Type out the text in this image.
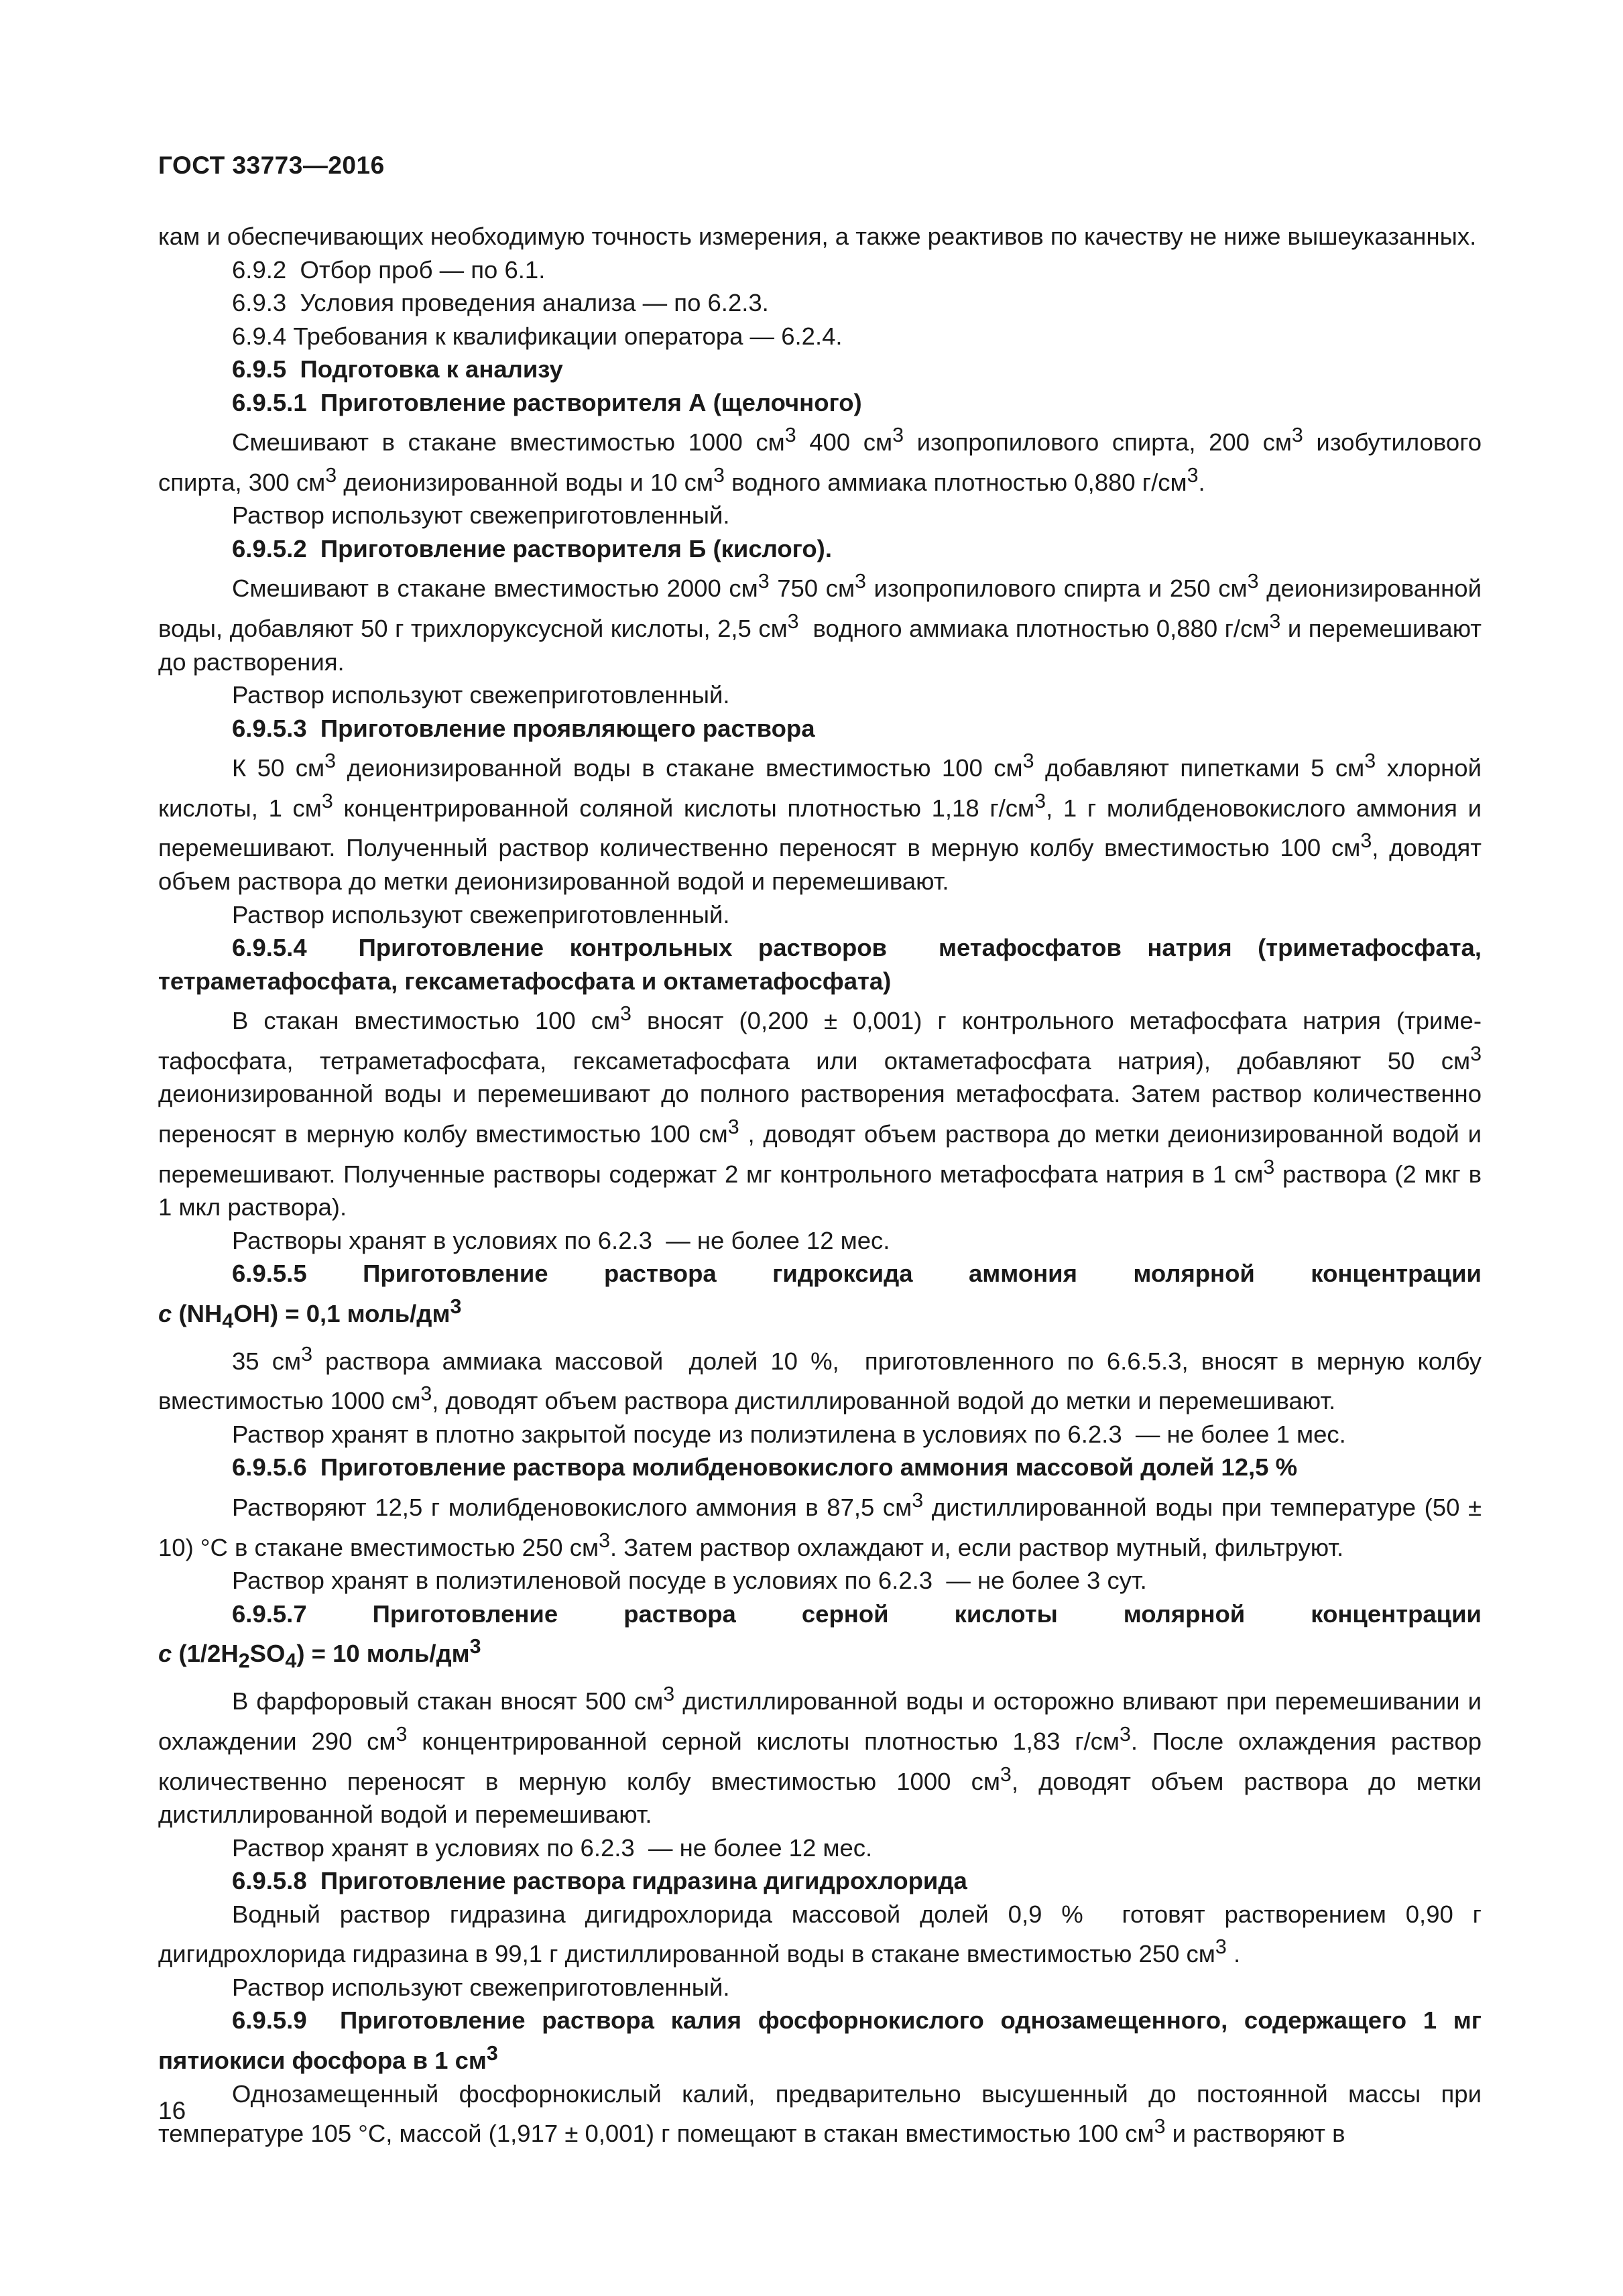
ГОСТ 33773—2016

кам и обеспечивающих необходимую точность измерения, а также реактивов по качеству не ниже вышеуказанных.

6.9.2  Отбор проб — по 6.1.

6.9.3  Условия проведения анализа — по 6.2.3.

6.9.4 Требования к квалификации оператора — 6.2.4.

6.9.5  Подготовка к анализу

6.9.5.1  Приготовление растворителя А (щелочного)

Смешивают в стакане вместимостью 1000 $см^3$ 400 $см^3$ изопропилового спирта, 200 $см^3$ изобутилового спирта, 300 $см^3$ деионизированной воды и 10 $см^3$ водного аммиака плотностью 0,880 $г/см^3$.

Раствор используют свежеприготовленный.

6.9.5.2  Приготовление растворителя Б (кислого).

Смешивают в стакане вместимостью 2000 $см^3$ 750 $см^3$ изопропилового спирта и 250 $см^3$ деионизированной воды, добавляют 50 г трихлоруксусной кислоты, 2,5 $см^3$  водного аммиака плотностью 0,880 $г/см^3$ и перемешивают до растворения.

Раствор используют свежеприготовленный.

6.9.5.3  Приготовление проявляющего раствора

К 50 $см^3$ деионизированной воды в стакане вместимостью 100 $см^3$ добавляют пипетками 5 $см^3$ хлорной кислоты, 1 $см^3$ концентрированной соляной кислоты плотностью 1,18 $г/см^3$, 1 г молибденовокислого аммония и перемешивают. Полученный раствор количественно переносят в мерную колбу вместимостью 100 $см^3$, доводят объем раствора до метки деионизированной водой и перемешивают.

Раствор используют свежеприготовленный.

6.9.5.4  Приготовление контрольных растворов  метафосфатов натрия (триметафосфата, тетраметафосфата, гексаметафосфата и октаметафосфата)

В стакан вместимостью 100 $см^3$ вносят (0,200 ± 0,001) г контрольного метафосфата натрия (триметафосфата, тетраметафосфата, гексаметафосфата или октаметафосфата натрия), добавляют 50 $см^3$ деионизированной воды и перемешивают до полного растворения метафосфата. Затем раствор количественно переносят в мерную колбу вместимостью 100 $см^3$ , доводят объем раствора до метки деионизированной водой и перемешивают. Полученные растворы содержат 2 мг контрольного метафосфата натрия в 1 $см^3$ раствора (2 мкг в 1 мкл раствора).

Растворы хранят в условиях по 6.2.3  — не более 12 мес.

6.9.5.5 Приготовление раствора гидроксида аммония молярной концентрации

с $(NH_4OH) = 0,1$ моль/$дм^3$

35 $см^3$ раствора аммиака массовой  долей 10 %,  приготовленного по 6.6.5.3, вносят в мерную колбу вместимостью 1000 $см^3$, доводят объем раствора дистиллированной водой до метки и перемешивают.

Раствор хранят в плотно закрытой посуде из полиэтилена в условиях по 6.2.3  — не более 1 мес.

6.9.5.6  Приготовление раствора молибденовокислого аммония массовой долей 12,5 %

Растворяют 12,5 г молибденовокислого аммония в 87,5 $см^3$ дистиллированной воды при температуре (50 ± 10) °С в стакане вместимостью 250 $см^3$. Затем раствор охлаждают и, если раствор мутный, фильтруют.

Раствор хранят в полиэтиленовой посуде в условиях по 6.2.3  — не более 3 сут.

6.9.5.7 Приготовление раствора серной кислоты молярной концентрации

с $(1/2H_2SO_4) = 10$ моль/$дм^3$

В фарфоровый стакан вносят 500 $см^3$ дистиллированной воды и осторожно вливают при перемешивании и охлаждении 290 $см^3$ концентрированной серной кислоты плотностью 1,83 $г/см^3$. После охлаждения раствор количественно переносят в мерную колбу вместимостью 1000 $см^3$, доводят объем раствора до метки дистиллированной водой и перемешивают.

Раствор хранят в условиях по 6.2.3  — не более 12 мес.

6.9.5.8  Приготовление раствора гидразина дигидрохлорида

Водный раствор гидразина дигидрохлорида массовой долей 0,9 %  готовят растворением 0,90 г дигидрохлорида гидразина в 99,1 г дистиллированной воды в стакане вместимостью 250 $см^3$ .

Раствор используют свежеприготовленный.

6.9.5.9  Приготовление раствора калия фосфорнокислого однозамещенного, содержащего 1 мг пятиокиси фосфора в 1 $см^3$

Однозамещенный фосфорнокислый калий, предварительно высушенный до постоянной массы при температуре 105 °С, массой (1,917 ± 0,001) г помещают в стакан вместимостью 100 $см^3$ и растворяют в

16
